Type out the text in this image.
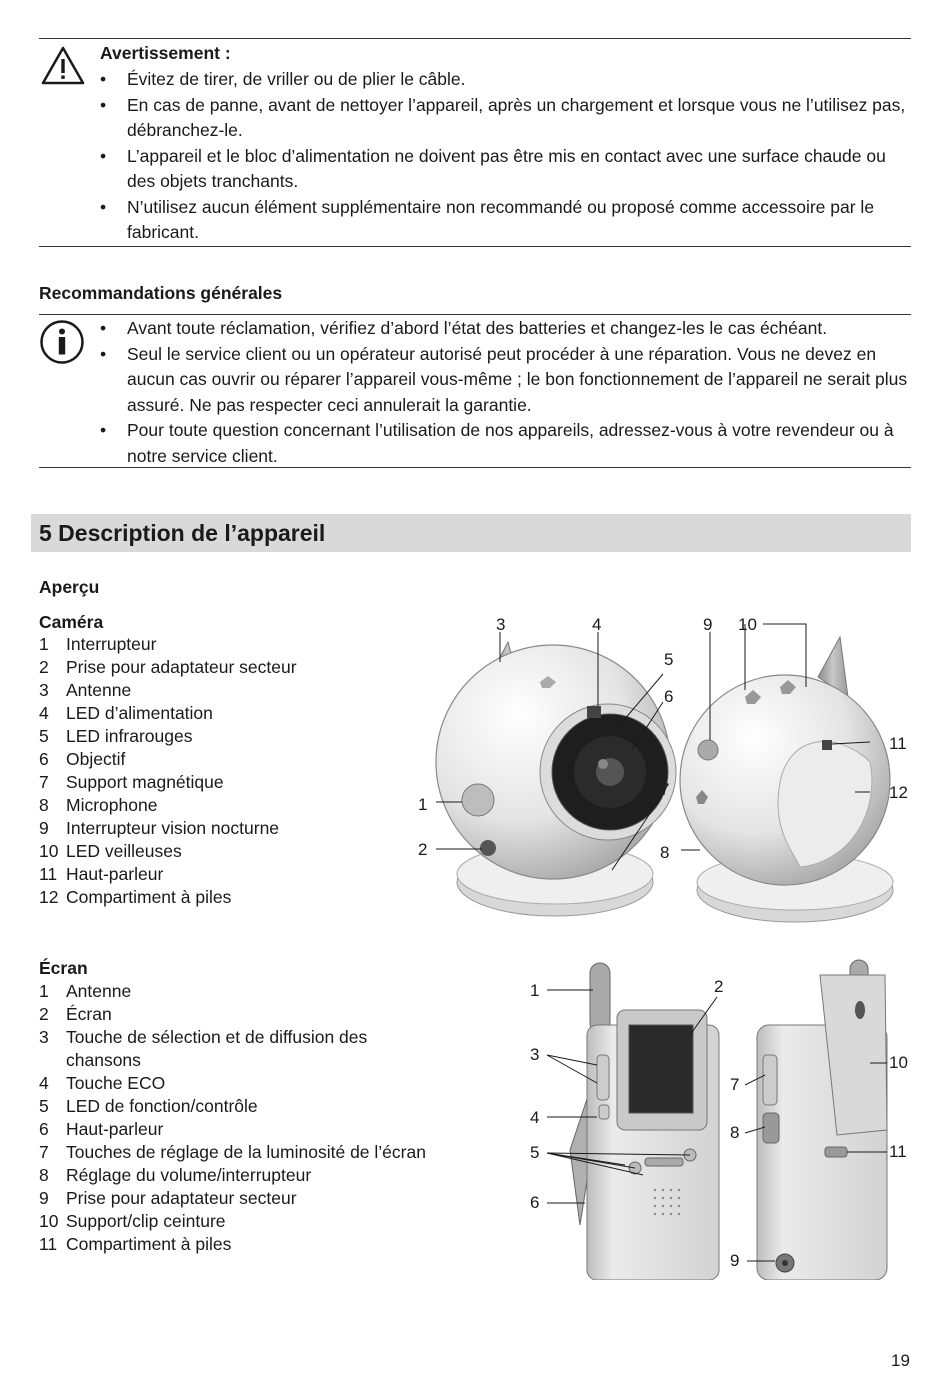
Avertissement :
• Évitez de tirer, de vriller ou de plier le câble.
• En cas de panne, avant de nettoyer l’appareil, après un chargement et lorsque vous ne l’utilisez pas, débranchez-le.
• L’appareil et le bloc d’alimentation ne doivent pas être mis en contact avec une surface chaude ou des objets tranchants.
• N’utilisez aucun élément supplémentaire non recommandé ou proposé comme accessoire par le fabricant.
Recommandations générales
• Avant toute réclamation, vérifiez d’abord l’état des batteries et changez-les le cas échéant.
• Seul le service client ou un opérateur autorisé peut procéder à une réparation. Vous ne devez en aucun cas ouvrir ou réparer l’appareil vous-même ; le bon fonctionnement de l’appareil ne serait plus assuré. Ne pas respecter ceci annulerait la garantie.
• Pour toute question concernant l’utilisation de nos appareils, adressez-vous à votre revendeur ou à notre service client.
5 Description de l’appareil
Aperçu
Caméra
1 Interrupteur
2 Prise pour adaptateur secteur
3 Antenne
4 LED d’alimentation
5 LED infrarouges
6 Objectif
7 Support magnétique
8 Microphone
9 Interrupteur vision nocturne
10 LED veilleuses
11 Haut-parleur
12 Compartiment à piles
3	4	9 10
5
6
11
1
7	12
2	8
Écran
1 Antenne
2 Écran
3 Touche de sélection et de diffusion des chansons
4 Touche ECO
5 LED de fonction/contrôle
6 Haut-parleur
7 Touches de réglage de la luminosité de l’écran
8 Réglage du volume/interrupteur
9 Prise pour adaptateur secteur
10 Support/clip ceinture
11 Compartiment à piles
1	2
3	10
7
4
8
5	11
6
9
19
